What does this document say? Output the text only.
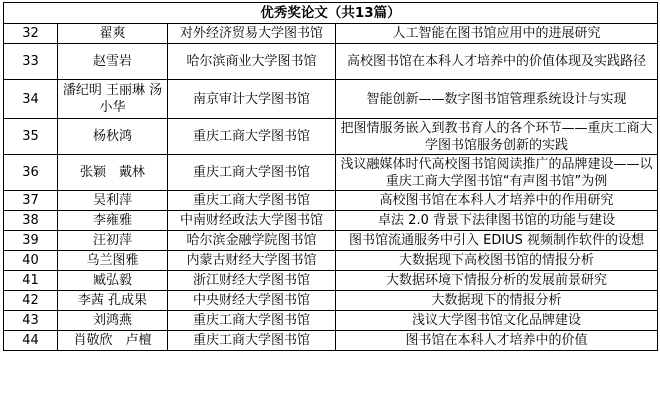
优秀奖论文（共13篇）			
32	翟爽	对外经济贸易大学图书馆	人工智能在图书馆应用中的进展研究
33	赵雪岩	哈尔滨商业大学图书馆	高校图书馆在本科人才培养中的价值体现及实践路径
34	潘纪明 王丽琳 汤小华	南京审计大学图书馆	智能创新——数字图书馆管理系统设计与实现
35	杨秋鸿	重庆工商大学图书馆	把图情服务嵌入到教书育人的各个环节——重庆工商大学图书馆服务创新的实践
36	张颖　戴林	重庆工商大学图书馆	浅议融媒体时代高校图书馆阅读推广的品牌建设——以重庆工商大学图书馆“有声图书馆”为例
37	吴利萍	重庆工商大学图书馆	高校图书馆在本科人才培养中的作用研究
38	李雍雅	中南财经政法大学图书馆	卓法 2.0 背景下法律图书馆的功能与建设
39	汪初萍	哈尔滨金融学院图书馆	图书馆流通服务中引入 EDIUS 视频制作软件的设想
40	乌兰图雅	内蒙古财经大学图书馆	大数据现下高校图书馆的情报分析
41	臧弘毅	浙江财经大学图书馆	大数据环境下情报分析的发展前景研究
42	李茜 孔成果	中央财经大学图书馆	大数据现下的情报分析
43	刘鸿燕	重庆工商大学图书馆	浅议大学图书馆文化品牌建设
44	肖敬欣　卢檀	重庆工商大学图书馆	图书馆在本科人才培养中的价值
